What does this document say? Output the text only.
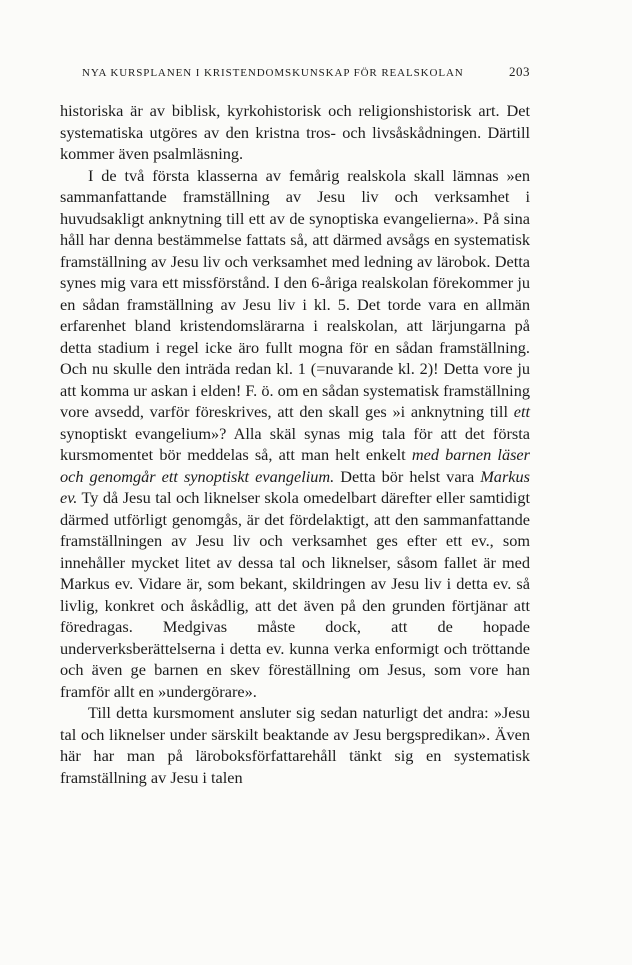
NYA KURSPLANEN I KRISTENDOMSKUNSKAP FÖR REALSKOLAN	203

historiska är av biblisk, kyrkohistorisk och religionshistorisk art. Det systematiska utgöres av den kristna tros- och livsåskådningen. Därtill kommer även psalmläsning.

I de två första klasserna av femårig realskola skall lämnas »en sammanfattande framställning av Jesu liv och verksamhet i huvudsakligt anknytning till ett av de synoptiska evangelierna». På sina håll har denna bestämmelse fattats så, att därmed avsågs en systematisk framställning av Jesu liv och verksamhet med ledning av lärobok. Detta synes mig vara ett missförstånd. I den 6-åriga realskolan förekommer ju en sådan framställning av Jesu liv i kl. 5. Det torde vara en allmän erfarenhet bland kristendomslärarna i realskolan, att lärjungarna på detta stadium i regel icke äro fullt mogna för en sådan framställning. Och nu skulle den inträda redan kl. 1 (=nuvarande kl. 2)! Detta vore ju att komma ur askan i elden! F. ö. om en sådan systematisk framställning vore avsedd, varför föreskrives, att den skall ges »i anknytning till ett synoptiskt evangelium»? Alla skäl synas mig tala för att det första kursmomentet bör meddelas så, att man helt enkelt med barnen läser och genomgår ett synoptiskt evangelium. Detta bör helst vara Markus ev. Ty då Jesu tal och liknelser skola omedelbart därefter eller samtidigt därmed utförligt genomgås, är det fördelaktigt, att den sammanfattande framställningen av Jesu liv och verksamhet ges efter ett ev., som innehåller mycket litet av dessa tal och liknelser, såsom fallet är med Markus ev. Vidare är, som bekant, skildringen av Jesu liv i detta ev. så livlig, konkret och åskådlig, att det även på den grunden förtjänar att föredragas. Medgivas måste dock, att de hopade underverksberättelserna i detta ev. kunna verka enformigt och tröttande och även ge barnen en skev föreställning om Jesus, som vore han framför allt en »undergörare».

Till detta kursmoment ansluter sig sedan naturligt det andra: »Jesu tal och liknelser under särskilt beaktande av Jesu bergspredikan». Även här har man på läroboksförfattarehåll tänkt sig en systematisk framställning av Jesu i talen
